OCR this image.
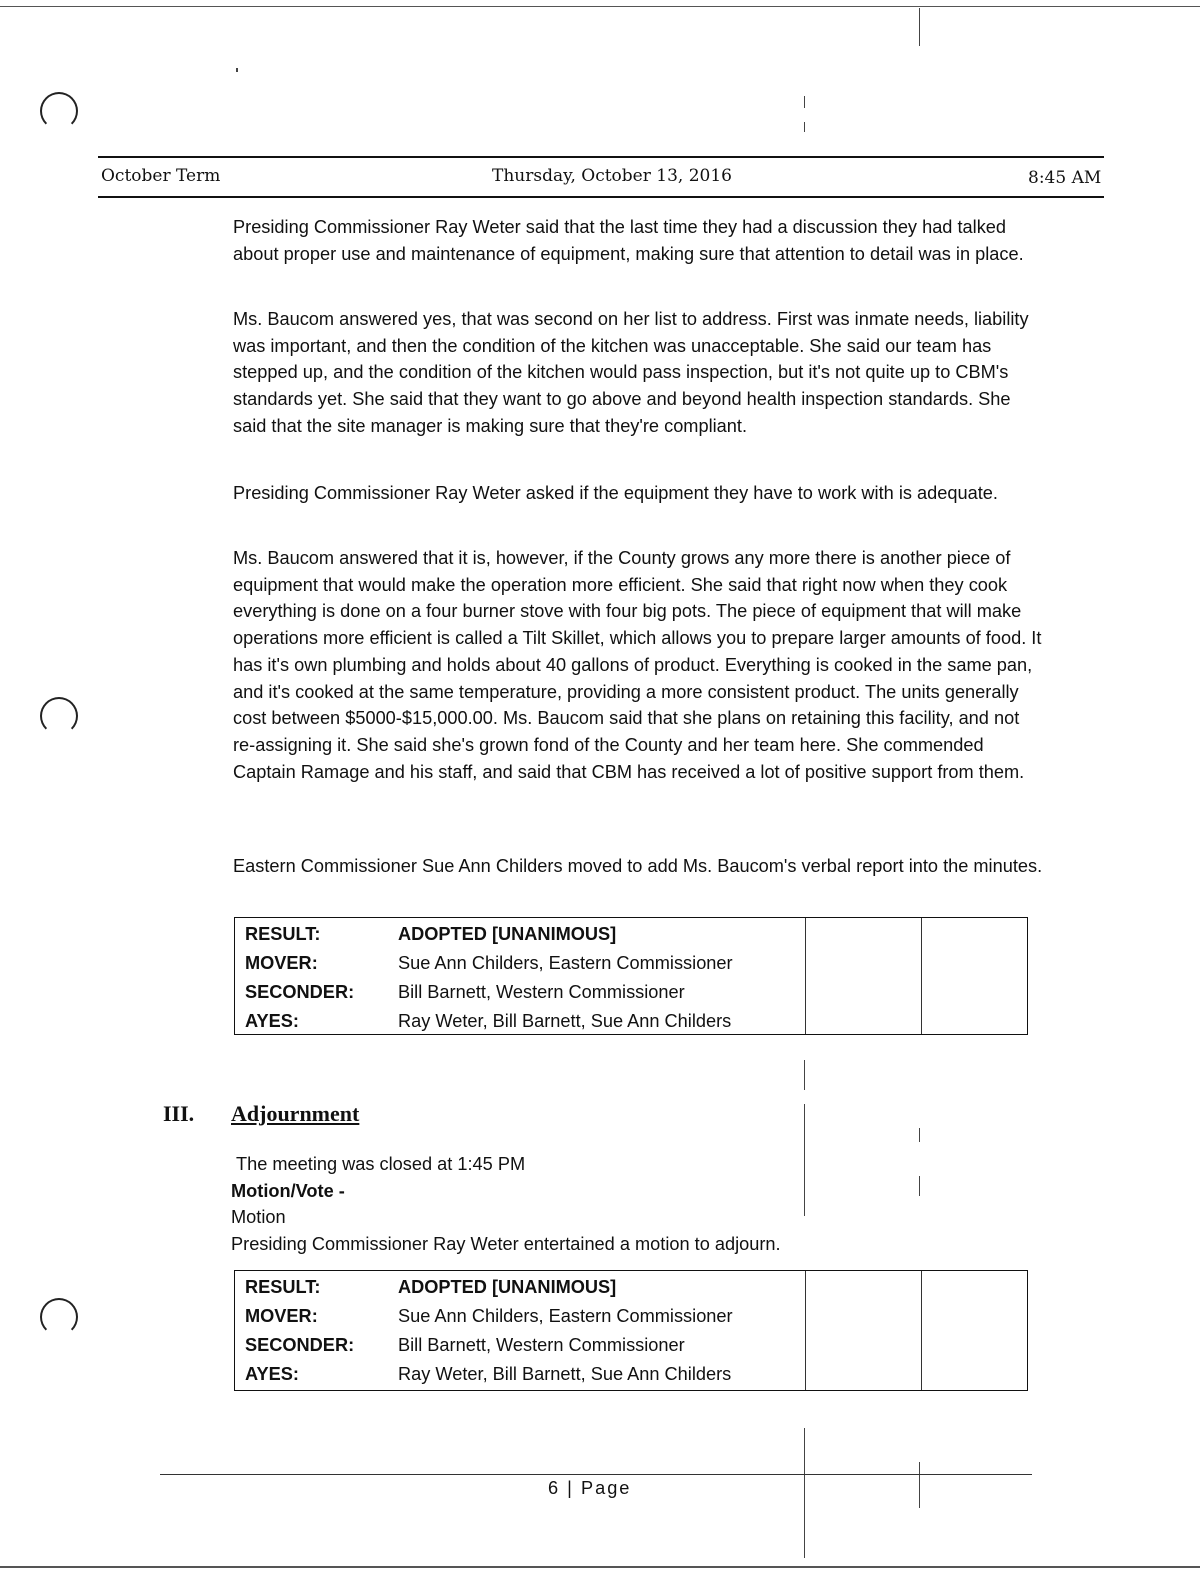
October Term	Thursday, October 13, 2016	8:45 AM

Presiding Commissioner Ray Weter said that the last time they had a discussion they had talked about proper use and maintenance of equipment, making sure that attention to detail was in place.

Ms. Baucom answered yes, that was second on her list to address. First was inmate needs, liability was important, and then the condition of the kitchen was unacceptable. She said our team has stepped up, and the condition of the kitchen would pass inspection, but it's not quite up to CBM's standards yet. She said that they want to go above and beyond health inspection standards. She said that the site manager is making sure that they're compliant.

Presiding Commissioner Ray Weter asked if the equipment they have to work with is adequate.

Ms. Baucom answered that it is, however, if the County grows any more there is another piece of equipment that would make the operation more efficient. She said that right now when they cook everything is done on a four burner stove with four big pots. The piece of equipment that will make operations more efficient is called a Tilt Skillet, which allows you to prepare larger amounts of food. It has it's own plumbing and holds about 40 gallons of product. Everything is cooked in the same pan, and it's cooked at the same temperature, providing a more consistent product. The units generally cost between $5000-$15,000.00. Ms. Baucom said that she plans on retaining this facility, and not re-assigning it. She said she's grown fond of the County and her team here. She commended Captain Ramage and his staff, and said that CBM has received a lot of positive support from them.

Eastern Commissioner Sue Ann Childers moved to add Ms. Baucom's verbal report into the minutes.

RESULT:	ADOPTED [UNANIMOUS]
MOVER:	Sue Ann Childers, Eastern Commissioner
SECONDER: Bill Barnett, Western Commissioner
AYES:	Ray Weter, Bill Barnett, Sue Ann Childers
III. Adjournment
The meeting was closed at 1:45 PM
Motion/Vote -
Motion
Presiding Commissioner Ray Weter entertained a motion to adjourn.
RESULT:	ADOPTED [UNANIMOUS]
MOVER:	Sue Ann Childers, Eastern Commissioner
SECONDER: Bill Barnett, Western Commissioner
AYES:	Ray Weter, Bill Barnett, Sue Ann Childers
6 | Page
